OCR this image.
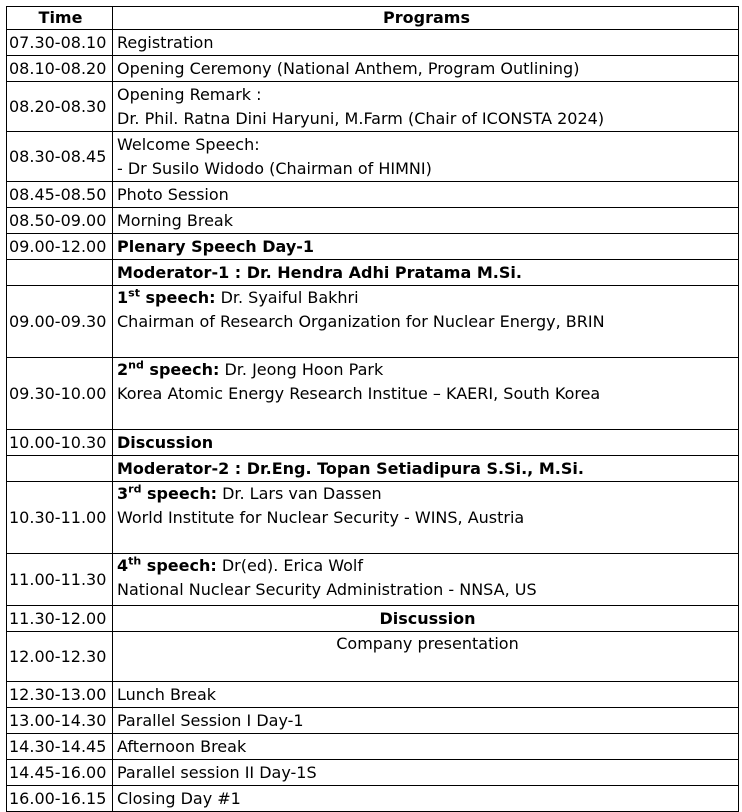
Time	Programs
07.30-08.10	Registration
08.10-08.20	Opening Ceremony (National Anthem, Program Outlining)
08.20-08.30	Opening Remark :
Dr. Phil. Ratna Dini Haryuni, M.Farm (Chair of ICONSTA 2024)

08.30-08.45	Welcome Speech:
- Dr Susilo Widodo (Chairman of HIMNI)

08.45-08.50	Photo Session
08.50-09.00	Morning Break
09.00-12.00	Plenary Speech Day-1
	Moderator-1 : Dr. Hendra Adhi Pratama M.Si.
09.00-09.30	1st speech: Dr. Syaiful Bakhri
Chairman of Research Organization for Nuclear Energy, BRIN

09.30-10.00	2nd speech: Dr. Jeong Hoon Park
Korea Atomic Energy Research Institue – KAERI, South Korea

10.00-10.30	Discussion
	Moderator-2 : Dr.Eng. Topan Setiadipura S.Si., M.Si.
10.30-11.00	3rd speech: Dr. Lars van Dassen
World Institute for Nuclear Security - WINS, Austria

11.00-11.30	4th speech: Dr(ed). Erica Wolf
National Nuclear Security Administration - NNSA, US

11.30-12.00	Discussion
12.00-12.30	Company presentation
12.30-13.00	Lunch Break
13.00-14.30	Parallel Session I Day-1
14.30-14.45	Afternoon Break
14.45-16.00	Parallel session II Day-1S
16.00-16.15	Closing Day #1
